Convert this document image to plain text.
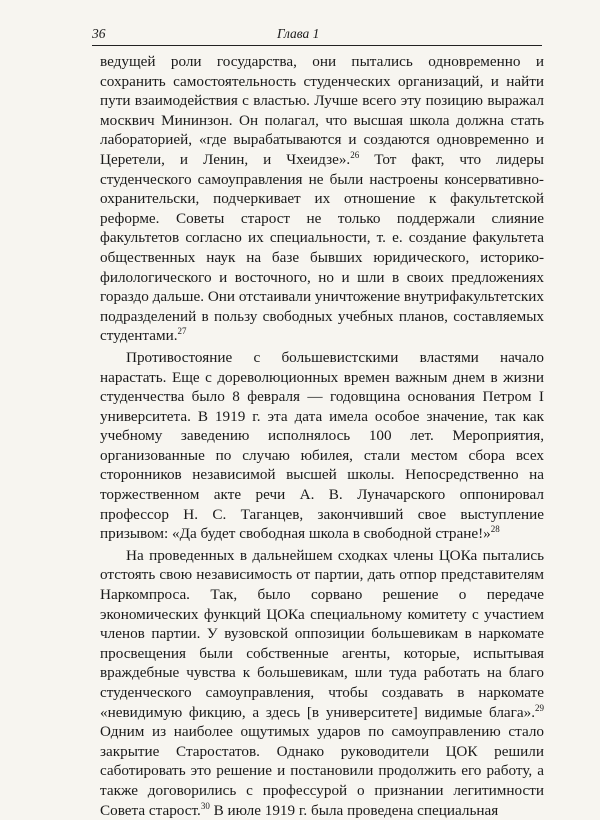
36	Глава 1

ведущей роли государства, они пытались одновременно и сохранить самостоятельность студенческих организаций, и найти пути взаимодействия с властью. Лучше всего эту позицию выражал москвич Мининзон. Он полагал, что высшая школа должна стать лабораторией, «где вырабатываются и создаются одновременно и Церетели, и Ленин, и Чхеидзе».$^{26}$ Тот факт, что лидеры студенческого самоуправления не были настроены консервативно-охранительски, подчеркивает их отношение к факультетской реформе. Советы старост не только поддержали слияние факультетов согласно их специальности, т. е. создание факультета общественных наук на базе бывших юридического, историко-филологического и восточного, но и шли в своих предложениях гораздо дальше. Они отстаивали уничтожение внутрифакультетских подразделений в пользу свободных учебных планов, составляемых студентами.$^{27}$

Противостояние с большевистскими властями начало нарастать. Еще с дореволюционных времен важным днем в жизни студенчества было 8 февраля — годовщина основания Петром I университета. В 1919 г. эта дата имела особое значение, так как учебному заведению исполнялось 100 лет. Мероприятия, организованные по случаю юбилея, стали местом сбора всех сторонников независимой высшей школы. Непосредственно на торжественном акте речи А. В. Луначарского оппонировал профессор Н. С. Таганцев, закончивший свое выступление призывом: «Да будет свободная школа в свободной стране!»$^{28}$

На проведенных в дальнейшем сходках члены ЦОКа пытались отстоять свою независимость от партии, дать отпор представителям Наркомпроса. Так, было сорвано решение о передаче экономических функций ЦОКа специальному комитету с участием членов партии. У вузовской оппозиции большевикам в наркомате просвещения были собственные агенты, которые, испытывая враждебные чувства к большевикам, шли туда работать на благо студенческого самоуправления, чтобы создавать в наркомате «невидимую фикцию, а здесь [в университете] видимые блага».$^{29}$ Одним из наиболее ощутимых ударов по самоуправлению стало закрытие Старостатов. Однако руководители ЦОК решили саботировать это решение и постановили продолжить его работу, а также договорились с профессурой о признании легитимности Совета старост.$^{30}$ В июле 1919 г. была проведена специальная
